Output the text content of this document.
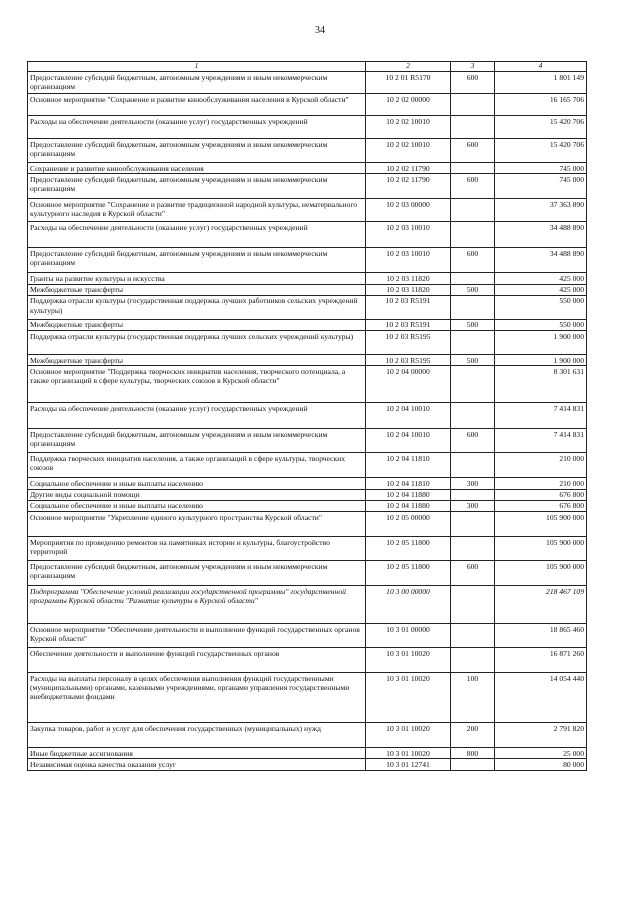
34
1	2	3	4
Предоставление субсидий бюджетным, автономным учреждениям и иным некоммерческим организациям	10 2 01 R5170	600	1 801 149
Основное мероприятие "Сохранение и развитие кинообслуживания населения в Курской области"	10 2 02 00000		16 165 706
Расходы на обеспечение деятельности (оказание услуг) государственных учреждений	10 2 02 10010		15 420 706
Предоставление субсидий бюджетным, автономным учреждениям и иным некоммерческим организациям	10 2 02 10010	600	15 420 706
Сохранение и развитие кинообслуживания населения	10 2 02 11790		745 000
Предоставление субсидий бюджетным, автономным учреждениям и иным некоммерческим организациям	10 2 02 11790	600	745 000
Основное мероприятие "Сохранение и развитие традиционной народной культуры, нематериального культурного наследия в Курской области"	10 2 03 00000		37 363 890
Расходы на обеспечение деятельности (оказание услуг) государственных учреждений	10 2 03 10010		34 488 890
Предоставление субсидий бюджетным, автономным учреждениям и иным некоммерческим организациям	10 2 03 10010	600	34 488 890
Гранты на развитие культуры и искусства	10 2 03 11820		425 000
Межбюджетные трансферты	10 2 03 11820	500	425 000
Поддержка отрасли культуры (государственная поддержка лучших работников сельских учреждений культуры)	10 2 03 R5191		550 000
Межбюджетные трансферты	10 2 03 R5191	500	550 000
Поддержка отрасли культуры (государственная поддержка лучших сельских учреждений культуры)	10 2 03 R5195		1 900 000
Межбюджетные трансферты	10 2 03 R5195	500	1 900 000
Основное мероприятие "Поддержка творческих инициатив населения, творческого потенциала, а также организаций в сфере культуры, творческих союзов в Курской области"	10 2 04 00000		8 301 631
Расходы на обеспечение деятельности (оказание услуг) государственных учреждений	10 2 04 10010		7 414 831
Предоставление субсидий бюджетным, автономным учреждениям и иным некоммерческим организациям	10 2 04 10010	600	7 414 831
Поддержка творческих инициатив населения, а также организаций в сфере культуры, творческих союзов	10 2 04 11810		210 000
Социальное обеспечение и иные выплаты населению	10 2 04 11810	300	210 000
Другие виды социальной помощи	10 2 04 11880		676 800
Социальное обеспечение и иные выплаты населению	10 2 04 11880	300	676 800
Основное мероприятие "Укрепление единого культурного пространства Курской области"	10 2 05 00000		105 900 000
Мероприятия по проведению ремонтов на памятниках истории и культуры, благоустройство территорий	10 2 05 11800		105 900 000
Предоставление субсидий бюджетным, автономным учреждениям и иным некоммерческим организациям	10 2 05 11800	600	105 900 000
Подпрограмма "Обеспечение условий реализации государственной программы" государственной программы Курской области "Развитие культуры в Курской области"	10 3 00 00000		218 467 109
Основное мероприятие "Обеспечение деятельности и выполнение функций государственных органов Курской области"	10 3 01 00000		18 865 460
Обеспечение деятельности и выполнение функций государственных органов	10 3 01 10020		16 871 260
Расходы на выплаты персоналу в целях обеспечения выполнения функций государственными (муниципальными) органами, казенными учреждениями, органами управления государственными внебюджетными фондами	10 3 01 10020	100	14 054 440
Закупка товаров, работ и услуг для обеспечения государственных (муниципальных) нужд	10 3 01 10020	200	2 791 820
Иные бюджетные ассигнования	10 3 01 10020	800	25 000
Независимая оценка качества оказания услуг	10 3 01 12741		80 000
